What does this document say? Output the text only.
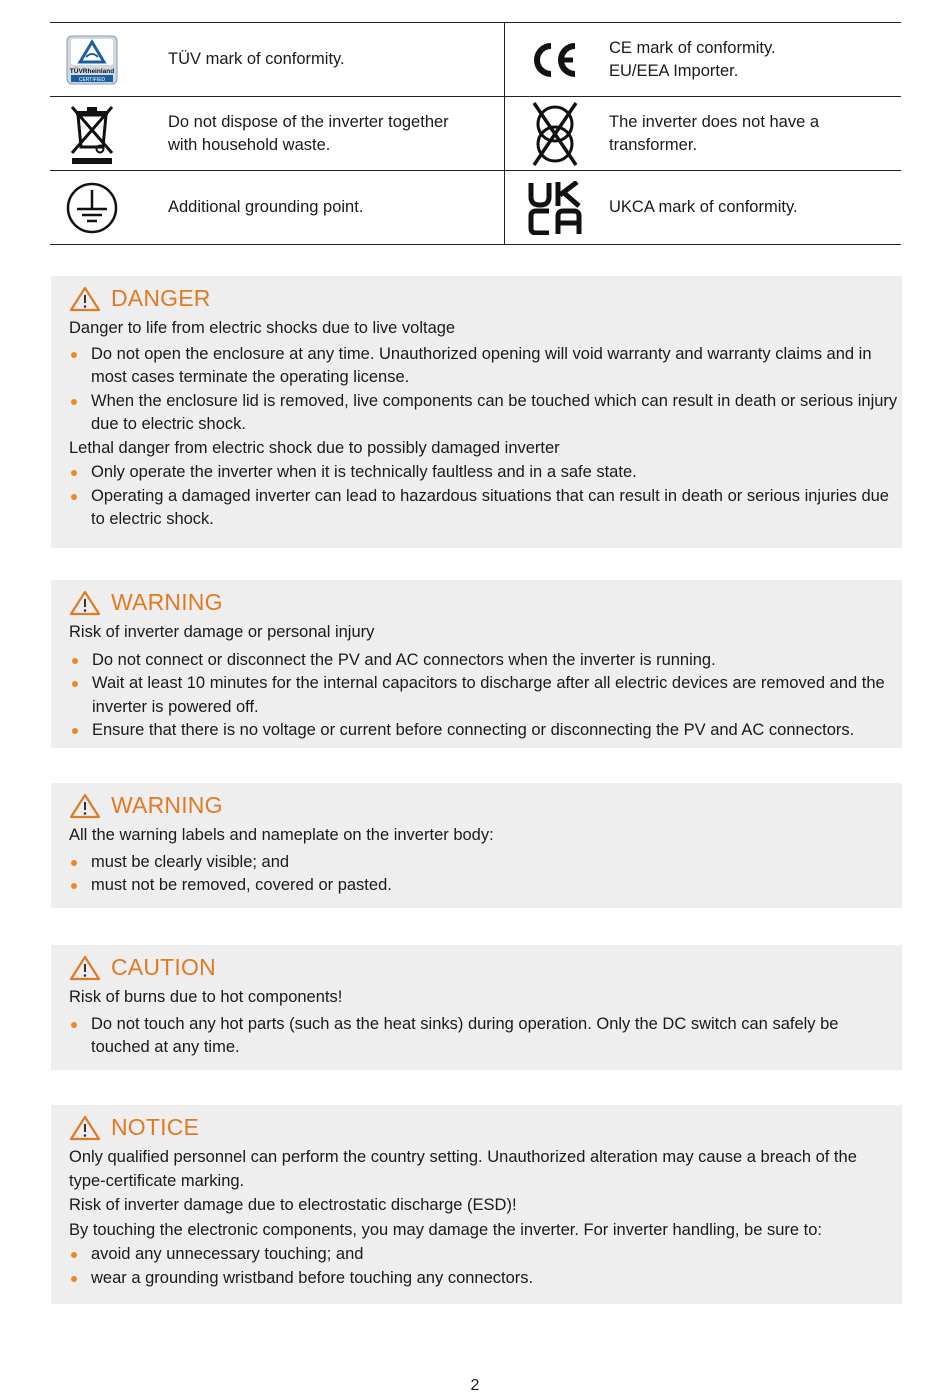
TÜVRheinland
CERTIFIED
TÜV mark of conformity.
CE mark of conformity.
EU/EEA Importer.
Do not dispose of the inverter together
with household waste.
The inverter does not have a
transformer.
Additional grounding point.	UKCA mark of conformity.
DANGER
Danger to life from electric shocks due to live voltage
Do not open the enclosure at any time. Unauthorized opening will void warranty and warranty claims and in most cases terminate the operating license.
When the enclosure lid is removed, live components can be touched which can result in death or serious injury due to electric shock.
Lethal danger from electric shock due to possibly damaged inverter
Only operate the inverter when it is technically faultless and in a safe state.
Operating a damaged inverter can lead to hazardous situations that can result in death or serious injuries due to electric shock.
WARNING
Risk of inverter damage or personal injury
Do not connect or disconnect the PV and AC connectors when the inverter is running.
Wait at least 10 minutes for the internal capacitors to discharge after all electric devices are removed and the inverter is powered off.
Ensure that there is no voltage or current before connecting or disconnecting the PV and AC connectors.
WARNING
All the warning labels and nameplate on the inverter body:
must be clearly visible; and
must not be removed, covered or pasted.
CAUTION
Risk of burns due to hot components!
Do not touch any hot parts (such as the heat sinks) during operation. Only the DC switch can safely be touched at any time.
NOTICE
Only qualified personnel can perform the country setting. Unauthorized alteration may cause a breach of the type-certificate marking.
Risk of inverter damage due to electrostatic discharge (ESD)!
By touching the electronic components, you may damage the inverter. For inverter handling, be sure to:
avoid any unnecessary touching; and
wear a grounding wristband before touching any connectors.
2
